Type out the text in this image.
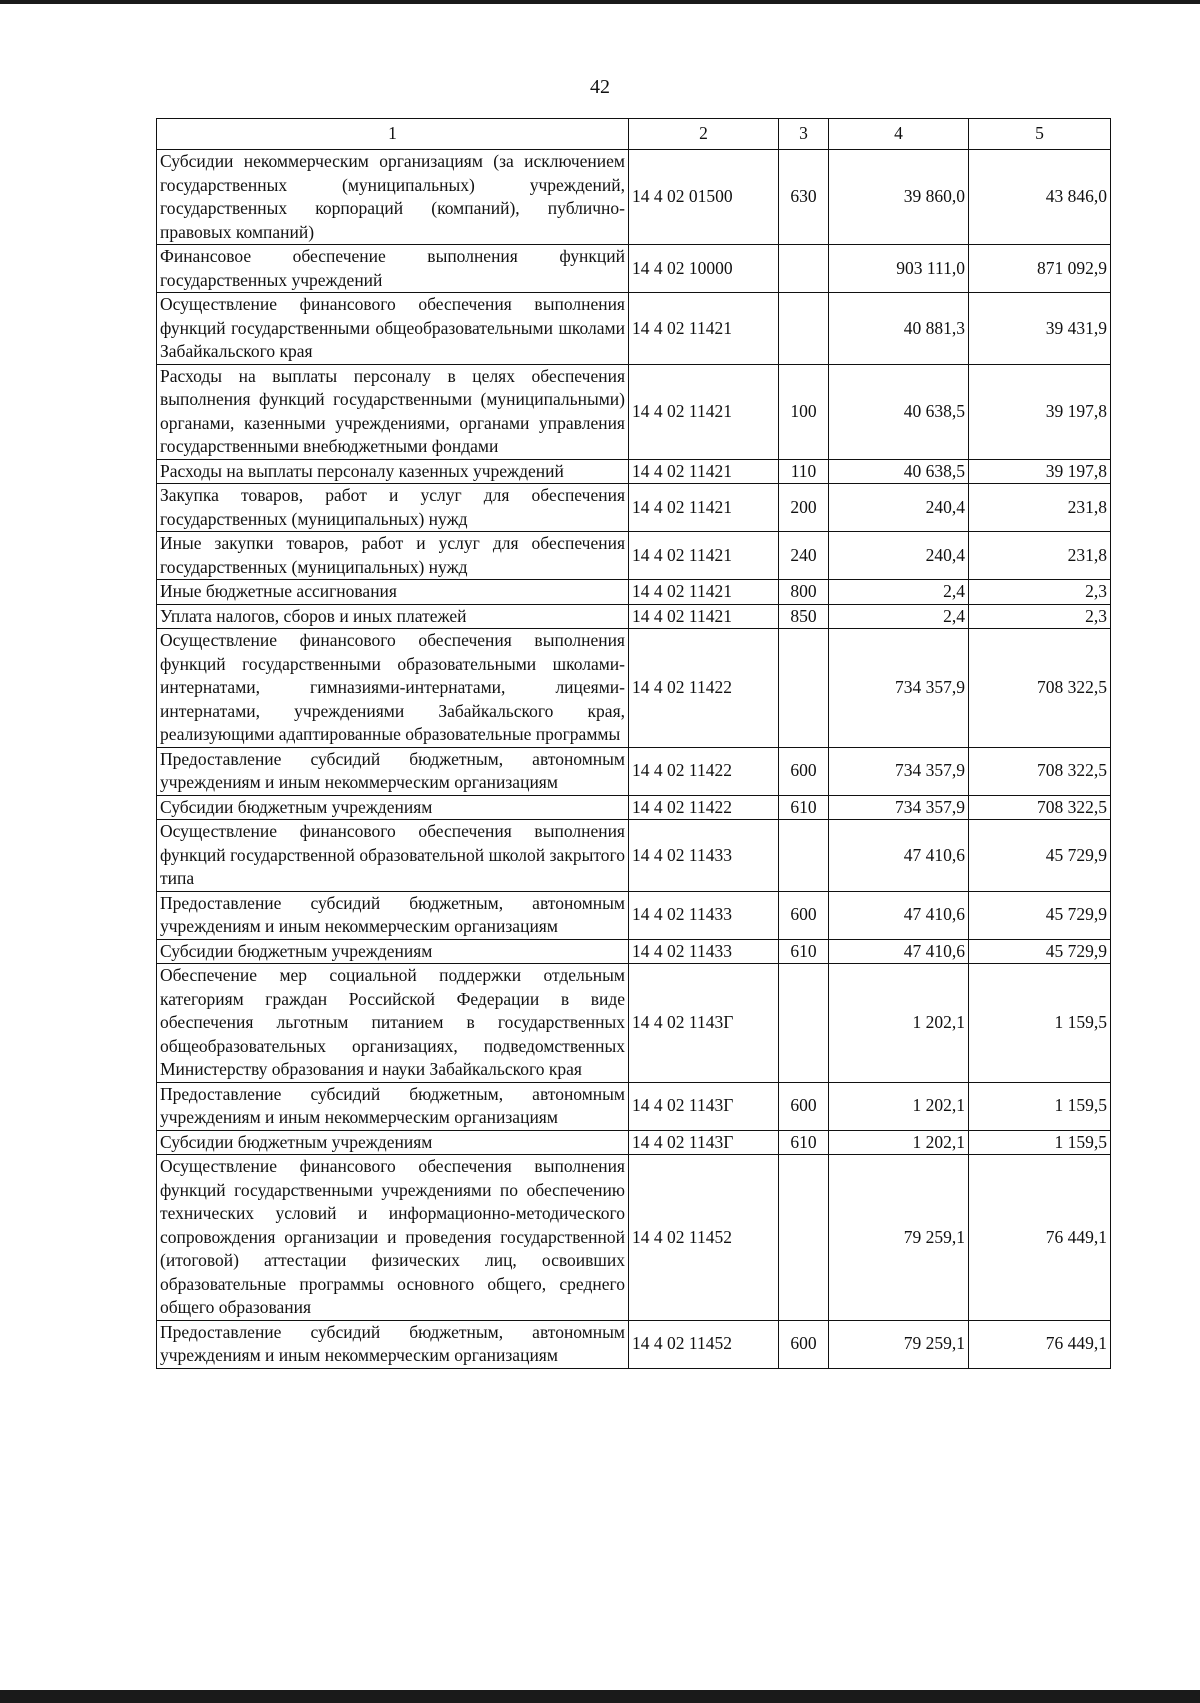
42
1	2	3	4	5
Субсидии некоммерческим организациям (за исключением государственных (муниципальных) учреждений, государственных корпораций (компаний), публично-правовых компаний)	14 4 02 01500	630	39 860,0	43 846,0
Финансовое обеспечение выполнения функций государственных учреждений	14 4 02 10000		903 111,0	871 092,9
Осуществление финансового обеспечения выполнения функций государственными общеобразовательными школами Забайкальского края	14 4 02 11421		40 881,3	39 431,9
Расходы на выплаты персоналу в целях обеспечения выполнения функций государственными (муниципальными) органами, казенными учреждениями, органами управления государственными внебюджетными фондами	14 4 02 11421	100	40 638,5	39 197,8
Расходы на выплаты персоналу казенных учреждений	14 4 02 11421	110	40 638,5	39 197,8
Закупка товаров, работ и услуг для обеспечения государственных (муниципальных) нужд	14 4 02 11421	200	240,4	231,8
Иные закупки товаров, работ и услуг для обеспечения государственных (муниципальных) нужд	14 4 02 11421	240	240,4	231,8
Иные бюджетные ассигнования	14 4 02 11421	800	2,4	2,3
Уплата налогов, сборов и иных платежей	14 4 02 11421	850	2,4	2,3
Осуществление финансового обеспечения выполнения функций государственными образовательными школами-интернатами, гимназиями-интернатами, лицеями-интернатами, учреждениями Забайкальского края, реализующими адаптированные образовательные программы	14 4 02 11422		734 357,9	708 322,5
Предоставление субсидий бюджетным, автономным учреждениям и иным некоммерческим организациям	14 4 02 11422	600	734 357,9	708 322,5
Субсидии бюджетным учреждениям	14 4 02 11422	610	734 357,9	708 322,5
Осуществление финансового обеспечения выполнения функций государственной образовательной школой закрытого типа	14 4 02 11433		47 410,6	45 729,9
Предоставление субсидий бюджетным, автономным учреждениям и иным некоммерческим организациям	14 4 02 11433	600	47 410,6	45 729,9
Субсидии бюджетным учреждениям	14 4 02 11433	610	47 410,6	45 729,9
Обеспечение мер социальной поддержки отдельным категориям граждан Российской Федерации в виде обеспечения льготным питанием в государственных общеобразовательных организациях, подведомственных Министерству образования и науки Забайкальского края	14 4 02 1143Г		1 202,1	1 159,5
Предоставление субсидий бюджетным, автономным учреждениям и иным некоммерческим организациям	14 4 02 1143Г	600	1 202,1	1 159,5
Субсидии бюджетным учреждениям	14 4 02 1143Г	610	1 202,1	1 159,5
Осуществление финансового обеспечения выполнения функций государственными учреждениями по обеспечению технических условий и информационно-методического сопровождения организации и проведения государственной (итоговой) аттестации физических лиц, освоивших образовательные программы основного общего, среднего общего образования	14 4 02 11452		79 259,1	76 449,1
Предоставление субсидий бюджетным, автономным учреждениям и иным некоммерческим организациям	14 4 02 11452	600	79 259,1	76 449,1
